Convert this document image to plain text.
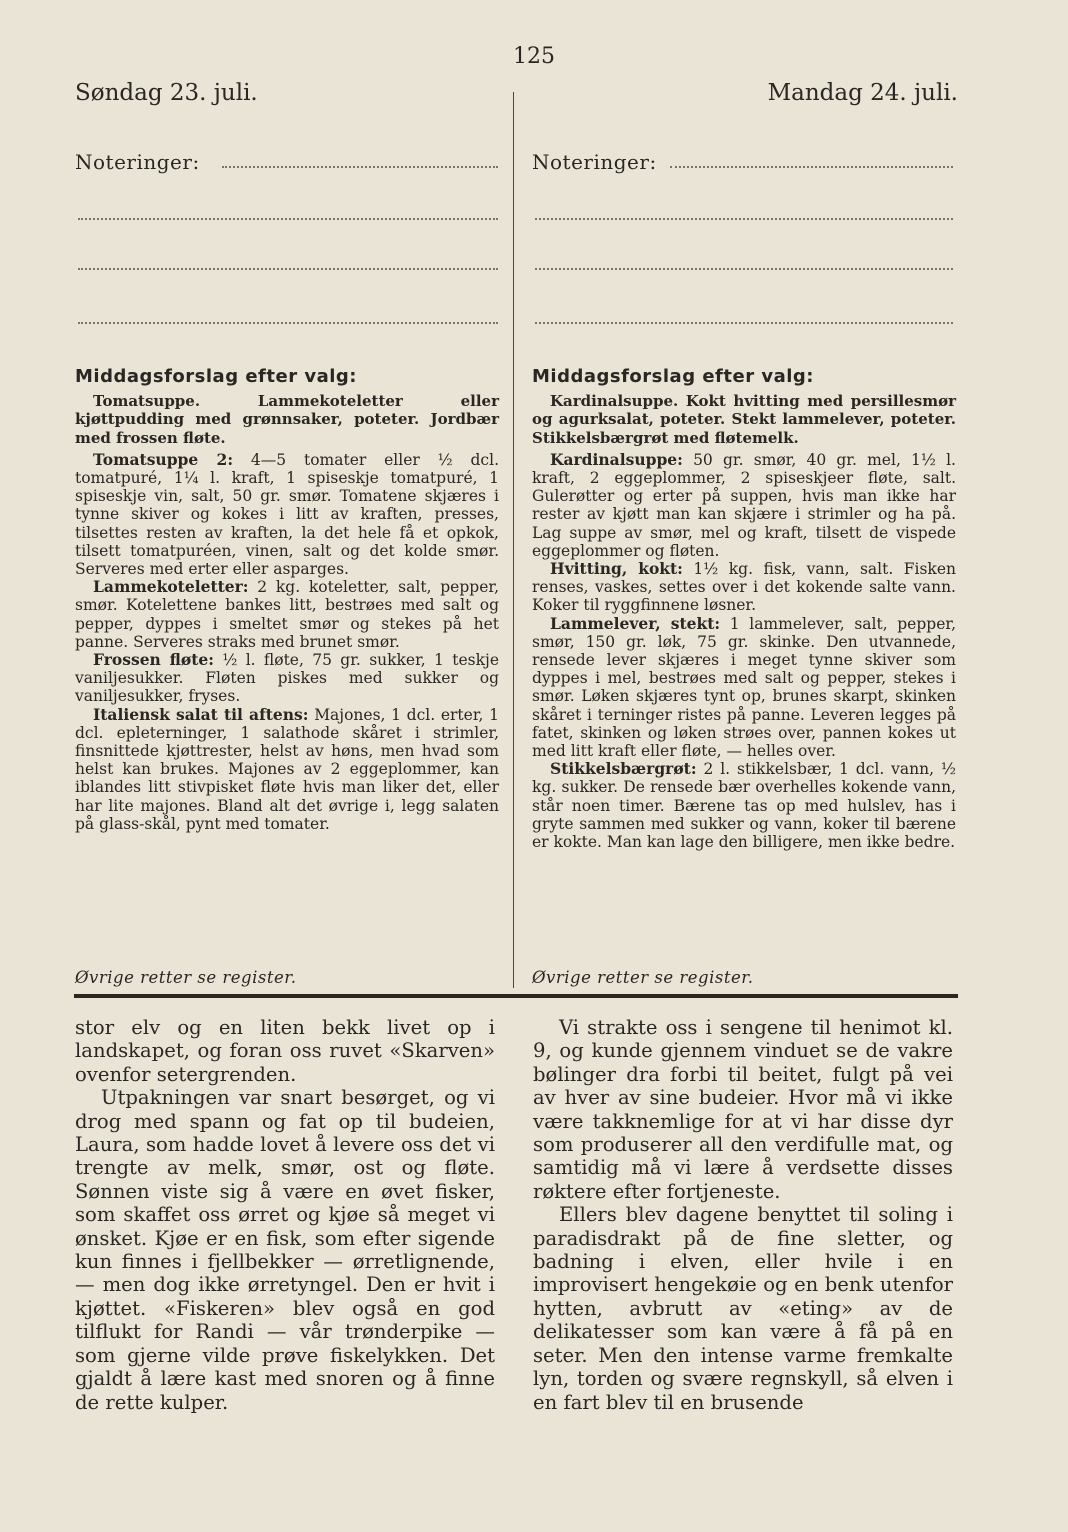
125
Søndag 23. juli.	Mandag 24. juli.
Noteringer:	Noteringer:
Middagsforslag efter valg:

Tomatsuppe. Lammekoteletter eller kjøttpudding med grønnsaker, poteter. Jordbær med frossen fløte.

Tomatsuppe 2: 4—5 tomater eller ½ dcl. tomatpuré, 1¼ l. kraft, 1 spiseskje tomatpuré, 1 spiseskje vin, salt, 50 gr. smør. Tomatene skjæres i tynne skiver og kokes i litt av kraften, presses, tilsettes resten av kraften, la det hele få et opkok, tilsett tomatpuréen, vinen, salt og det kolde smør. Serveres med erter eller asparges.

Lammekoteletter: 2 kg. koteletter, salt, pepper, smør. Kotelettene bankes litt, bestrøes med salt og pepper, dyppes i smeltet smør og stekes på het panne. Serveres straks med brunet smør.

Frossen fløte: ½ l. fløte, 75 gr. sukker, 1 teskje vaniljesukker. Fløten piskes med sukker og vaniljesukker, fryses.

Italiensk salat til aftens: Majones, 1 dcl. erter, 1 dcl. epleterninger, 1 salathode skåret i strimler, finsnittede kjøttrester, helst av høns, men hvad som helst kan brukes. Majones av 2 eggeplommer, kan iblandes litt stivpisket fløte hvis man liker det, eller har lite majones. Bland alt det øvrige i, legg salaten på glass-skål, pynt med tomater.

Øvrige retter se register.
Middagsforslag efter valg:

Kardinalsuppe. Kokt hvitting med persillesmør og agurksalat, poteter. Stekt lammelever, poteter. Stikkelsbærgrøt med fløtemelk.

Kardinalsuppe: 50 gr. smør, 40 gr. mel, 1½ l. kraft, 2 eggeplommer, 2 spiseskjeer fløte, salt. Gulerøtter og erter på suppen, hvis man ikke har rester av kjøtt man kan skjære i strimler og ha på. Lag suppe av smør, mel og kraft, tilsett de vispede eggeplommer og fløten.

Hvitting, kokt: 1½ kg. fisk, vann, salt. Fisken renses, vaskes, settes over i det kokende salte vann. Koker til ryggfinnene løsner.

Lammelever, stekt: 1 lammelever, salt, pepper, smør, 150 gr. løk, 75 gr. skinke. Den utvannede, rensede lever skjæres i meget tynne skiver som dyppes i mel, bestrøes med salt og pepper, stekes i smør. Løken skjæres tynt op, brunes skarpt, skinken skåret i terninger ristes på panne. Leveren legges på fatet, skinken og løken strøes over, pannen kokes ut med litt kraft eller fløte, — helles over.

Stikkelsbærgrøt: 2 l. stikkelsbær, 1 dcl. vann, ½ kg. sukker. De rensede bær overhelles kokende vann, står noen timer. Bærene tas op med hulslev, has i gryte sammen med sukker og vann, koker til bærene er kokte. Man kan lage den billigere, men ikke bedre.

Øvrige retter se register.

stor elv og en liten bekk livet op i landskapet, og foran oss ruvet «Skarven» ovenfor setergrenden.

Utpakningen var snart besørget, og vi drog med spann og fat op til budeien, Laura, som hadde lovet å levere oss det vi trengte av melk, smør, ost og fløte. Sønnen viste sig å være en øvet fisker, som skaffet oss ørret og kjøe så meget vi ønsket. Kjøe er en fisk, som efter sigende kun finnes i fjellbekker — ørretlignende, — men dog ikke ørretyngel. Den er hvit i kjøttet. «Fiskeren» blev også en god tilflukt for Randi — vår trønderpike — som gjerne vilde prøve fiskelykken. Det gjaldt å lære kast med snoren og å finne de rette kulper.

Vi strakte oss i sengene til henimot kl. 9, og kunde gjennem vinduet se de vakre bølinger dra forbi til beitet, fulgt på vei av hver av sine budeier. Hvor må vi ikke være takknemlige for at vi har disse dyr som produserer all den verdifulle mat, og samtidig må vi lære å verdsette disses røktere efter fortjeneste.

Ellers blev dagene benyttet til soling i paradisdrakt på de fine sletter, og badning i elven, eller hvile i en improvisert hengekøie og en benk utenfor hytten, avbrutt av «eting» av de delikatesser som kan være å få på en seter. Men den intense varme fremkalte lyn, torden og svære regnskyll, så elven i en fart blev til en brusende
